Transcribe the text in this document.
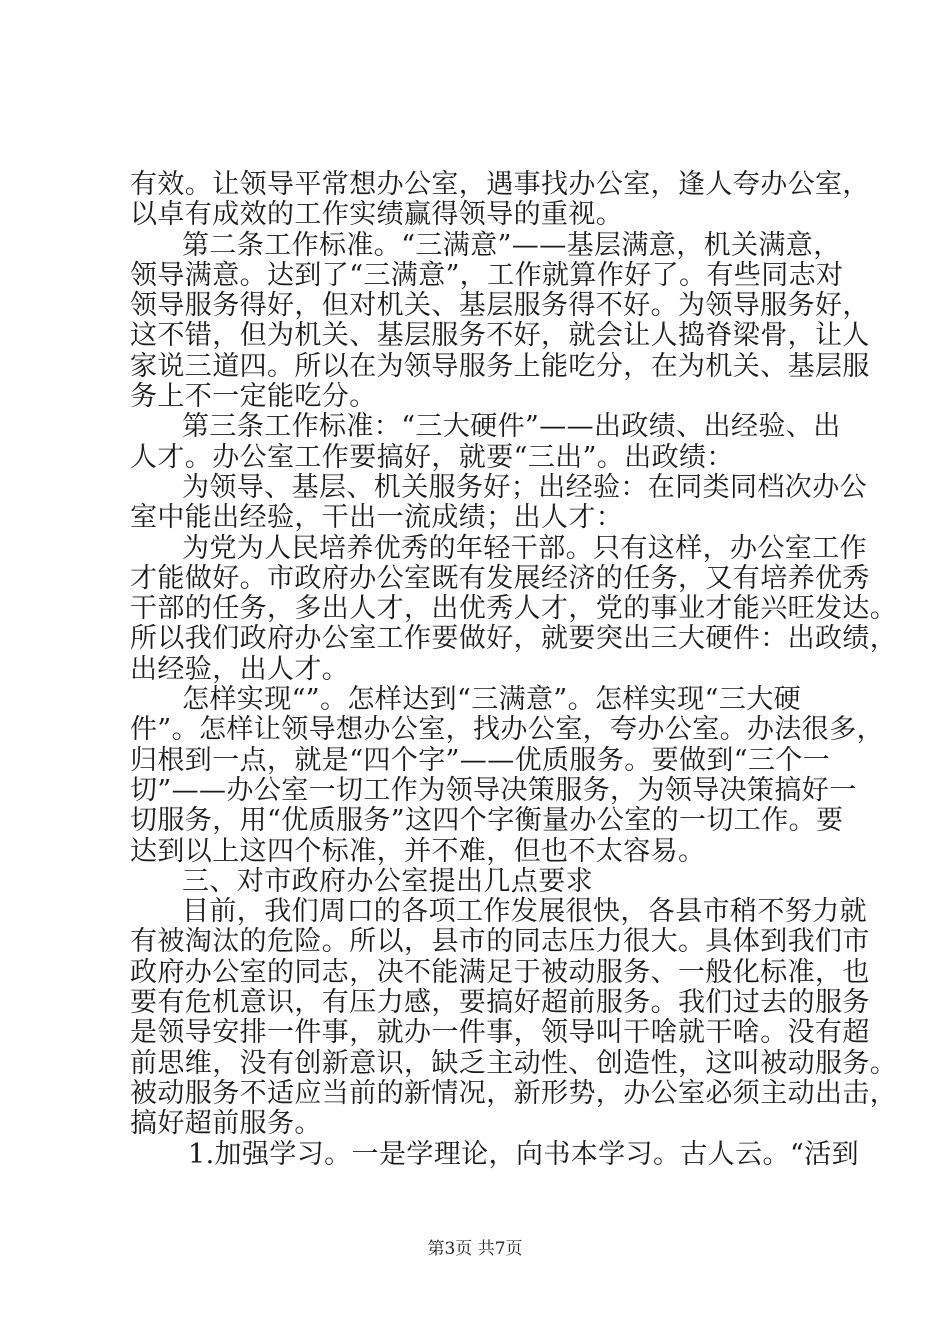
有效。让领导平常想办公室，遇事找办公室，逢人夸办公室，
以卓有成效的工作实绩赢得领导的重视。
第二条工作标准。“三满意”——基层满意，机关满意，
领导满意。达到了“三满意”，工作就算作好了。有些同志对
领导服务得好，但对机关、基层服务得不好。为领导服务好，
这不错，但为机关、基层服务不好，就会让人捣脊梁骨，让人
家说三道四。所以在为领导服务上能吃分，在为机关、基层服
务上不一定能吃分。
第三条工作标准：“三大硬件”——出政绩、出经验、出
人才。办公室工作要搞好，就要“三出”。出政绩：
为领导、基层、机关服务好；出经验：在同类同档次办公
室中能出经验，干出一流成绩；出人才：
为党为人民培养优秀的年轻干部。只有这样，办公室工作
才能做好。市政府办公室既有发展经济的任务，又有培养优秀
干部的任务，多出人才，出优秀人才，党的事业才能兴旺发达。
所以我们政府办公室工作要做好，就要突出三大硬件：出政绩，
出经验，出人才。
怎样实现“”。怎样达到“三满意”。怎样实现“三大硬
件”。怎样让领导想办公室，找办公室，夸办公室。办法很多，
归根到一点，就是“四个字”——优质服务。要做到“三个一
切”——办公室一切工作为领导决策服务，为领导决策搞好一
切服务，用“优质服务”这四个字衡量办公室的一切工作。要
达到以上这四个标准，并不难，但也不太容易。
三、对市政府办公室提出几点要求
目前，我们周口的各项工作发展很快，各县市稍不努力就
有被淘汰的危险。所以，县市的同志压力很大。具体到我们市
政府办公室的同志，决不能满足于被动服务、一般化标准，也
要有危机意识，有压力感，要搞好超前服务。我们过去的服务
是领导安排一件事，就办一件事，领导叫干啥就干啥。没有超
前思维，没有创新意识，缺乏主动性、创造性，这叫被动服务。
被动服务不适应当前的新情况，新形势，办公室必须主动出击，
搞好超前服务。
1.加强学习。一是学理论，向书本学习。古人云。“活到
第3页 共7页
